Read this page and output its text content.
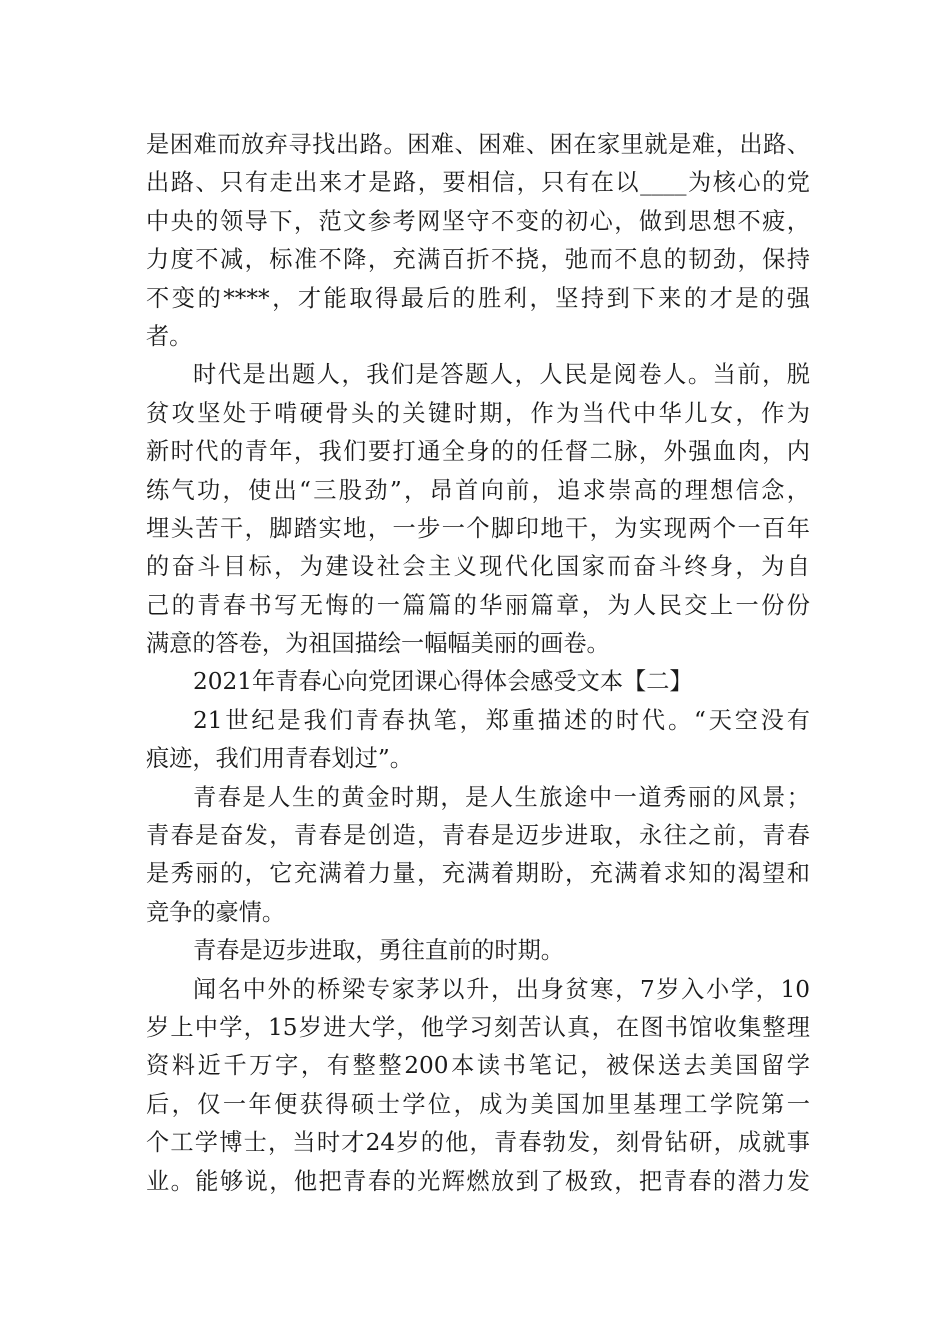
是困难而放弃寻找出路。困难、困难、困在家里就是难，出路、
出路、只有走出来才是路，要相信，只有在以____为核心的党
中央的领导下，范文参考网坚守不变的初心，做到思想不疲，
力度不减，标准不降，充满百折不挠，弛而不息的韧劲，保持
不变的****，才能取得最后的胜利，坚持到下来的才是的强
者。
时代是出题人，我们是答题人，人民是阅卷人。当前，脱
贫攻坚处于啃硬骨头的关键时期，作为当代中华儿女，作为
新时代的青年，我们要打通全身的的任督二脉，外强血肉，内
练气功，使出“三股劲”，昂首向前，追求崇高的理想信念，
埋头苦干，脚踏实地，一步一个脚印地干，为实现两个一百年
的奋斗目标，为建设社会主义现代化国家而奋斗终身，为自
己的青春书写无悔的一篇篇的华丽篇章，为人民交上一份份
满意的答卷，为祖国描绘一幅幅美丽的画卷。
2021年青春心向党团课心得体会感受文本【二】
21世纪是我们青春执笔，郑重描述的时代。“天空没有
痕迹，我们用青春划过”。
青春是人生的黄金时期，是人生旅途中一道秀丽的风景；
青春是奋发，青春是创造，青春是迈步进取，永往之前，青春
是秀丽的，它充满着力量，充满着期盼，充满着求知的渴望和
竞争的豪情。
青春是迈步进取，勇往直前的时期。
闻名中外的桥梁专家茅以升，出身贫寒，7岁入小学，10
岁上中学，15岁进大学，他学习刻苦认真，在图书馆收集整理
资料近千万字，有整整200本读书笔记，被保送去美国留学
后，仅一年便获得硕士学位，成为美国加里基理工学院第一
个工学博士，当时才24岁的他，青春勃发，刻骨钻研，成就事
业。能够说，他把青春的光辉燃放到了极致，把青春的潜力发
